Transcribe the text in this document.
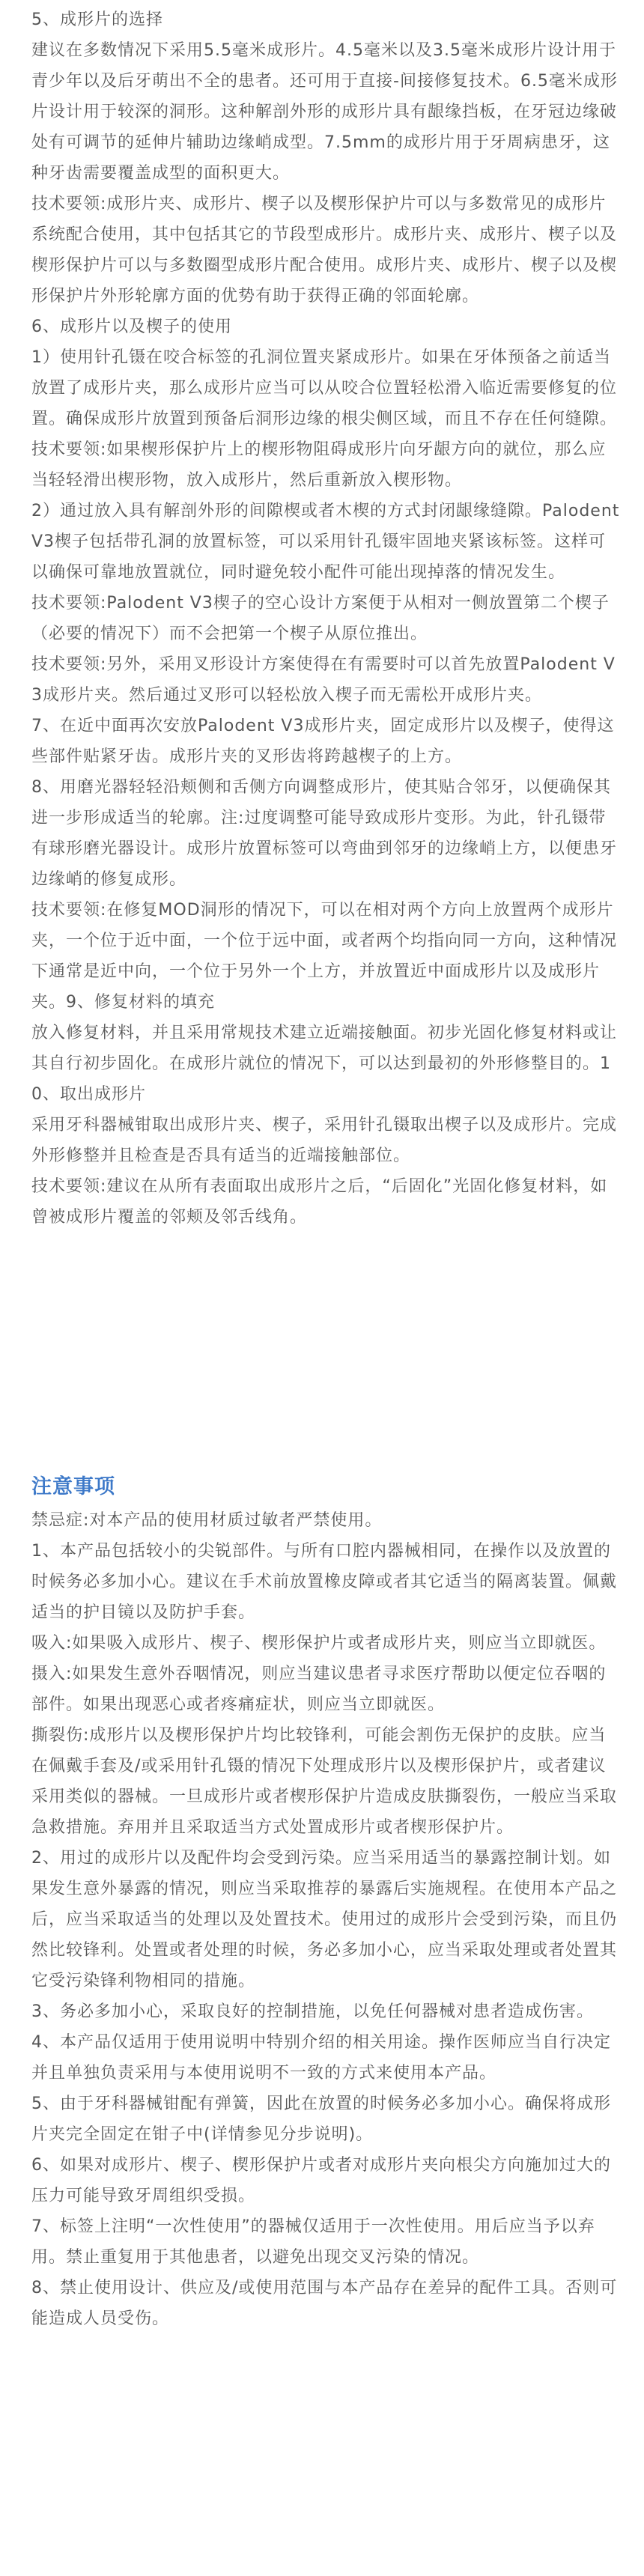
5、成形片的选择

建议在多数情况下采用5.5毫米成形片。4.5毫米以及3.5毫米成形片设计用于青少年以及后牙萌出不全的患者。还可用于直接-间接修复技术。6.5毫米成形片设计用于较深的洞形。这种解剖外形的成形片具有龈缘挡板，在牙冠边缘破处有可调节的延伸片辅助边缘峭成型。7.5mm的成形片用于牙周病患牙，这种牙齿需要覆盖成型的面积更大。

技术要领:成形片夹、成形片、楔子以及楔形保护片可以与多数常见的成形片系统配合使用，其中包括其它的节段型成形片。成形片夹、成形片、楔子以及楔形保护片可以与多数圈型成形片配合使用。成形片夹、成形片、楔子以及楔形保护片外形轮廓方面的优势有助于获得正确的邻面轮廓。

6、成形片以及楔子的使用

1）使用针孔镊在咬合标签的孔洞位置夹紧成形片。如果在牙体预备之前适当放置了成形片夹，那么成形片应当可以从咬合位置轻松滑入临近需要修复的位置。确保成形片放置到预备后洞形边缘的根尖侧区域，而且不存在任何缝隙。技术要领:如果楔形保护片上的楔形物阻碍成形片向牙龈方向的就位，那么应当轻轻滑出楔形物，放入成形片，然后重新放入楔形物。

2）通过放入具有解剖外形的间隙楔或者木楔的方式封闭龈缘缝隙。Palodent V3楔子包括带孔洞的放置标签，可以采用针孔镊牢固地夹紧该标签。这样可以确保可靠地放置就位，同时避免较小配件可能出现掉落的情况发生。

技术要领:Palodent V3楔子的空心设计方案便于从相对一侧放置第二个楔子（必要的情况下）而不会把第一个楔子从原位推出。

技术要领:另外，采用叉形设计方案使得在有需要时可以首先放置Palodent V3成形片夹。然后通过叉形可以轻松放入楔子而无需松开成形片夹。

7、在近中面再次安放Palodent V3成形片夹，固定成形片以及楔子，使得这些部件贴紧牙齿。成形片夹的叉形齿将跨越楔子的上方。

8、用磨光器轻轻沿颊侧和舌侧方向调整成形片，使其贴合邻牙，以便确保其进一步形成适当的轮廓。注:过度调整可能导致成形片变形。为此，针孔镊带有球形磨光器设计。成形片放置标签可以弯曲到邻牙的边缘峭上方，以便患牙边缘峭的修复成形。

技术要领:在修复MOD洞形的情况下，可以在相对两个方向上放置两个成形片夹，一个位于近中面，一个位于远中面，或者两个均指向同一方向，这种情况下通常是近中向，一个位于另外一个上方，并放置近中面成形片以及成形片夹。9、修复材料的填充

放入修复材料，并且采用常规技术建立近端接触面。初步光固化修复材料或让其自行初步固化。在成形片就位的情况下，可以达到最初的外形修整目的。10、取出成形片

采用牙科器械钳取出成形片夹、楔子，采用针孔镊取出楔子以及成形片。完成外形修整并且检查是否具有适当的近端接触部位。

技术要领:建议在从所有表面取出成形片之后，“后固化”光固化修复材料，如曾被成形片覆盖的邻颊及邻舌线角。

注意事项

禁忌症:对本产品的使用材质过敏者严禁使用。

1、本产品包括较小的尖锐部件。与所有口腔内器械相同，在操作以及放置的时候务必多加小心。建议在手术前放置橡皮障或者其它适当的隔离装置。佩戴适当的护目镜以及防护手套。

吸入:如果吸入成形片、楔子、楔形保护片或者成形片夹，则应当立即就医。摄入:如果发生意外吞咽情况，则应当建议患者寻求医疗帮助以便定位吞咽的部件。如果出现恶心或者疼痛症状，则应当立即就医。

撕裂伤:成形片以及楔形保护片均比较锋利，可能会割伤无保护的皮肤。应当在佩戴手套及/或采用针孔镊的情况下处理成形片以及楔形保护片，或者建议采用类似的器械。一旦成形片或者楔形保护片造成皮肤撕裂伤，一般应当采取急救措施。弃用并且采取适当方式处置成形片或者楔形保护片。

2、用过的成形片以及配件均会受到污染。应当采用适当的暴露控制计划。如果发生意外暴露的情况，则应当采取推荐的暴露后实施规程。在使用本产品之后，应当采取适当的处理以及处置技术。使用过的成形片会受到污染，而且仍然比较锋利。处置或者处理的时候，务必多加小心，应当采取处理或者处置其它受污染锋利物相同的措施。

3、务必多加小心，采取良好的控制措施，以免任何器械对患者造成伤害。

4、本产品仅适用于使用说明中特别介绍的相关用途。操作医师应当自行决定并且单独负责采用与本使用说明不一致的方式来使用本产品。

5、由于牙科器械钳配有弹簧，因此在放置的时候务必多加小心。确保将成形片夹完全固定在钳子中(详情参见分步说明)。

6、如果对成形片、楔子、楔形保护片或者对成形片夹向根尖方向施加过大的压力可能导致牙周组织受损。

7、标签上注明“一次性使用”的器械仅适用于一次性使用。用后应当予以弃用。禁止重复用于其他患者，以避免出现交叉污染的情况。

8、禁止使用设计、供应及/或使用范围与本产品存在差异的配件工具。否则可能造成人员受伤。
